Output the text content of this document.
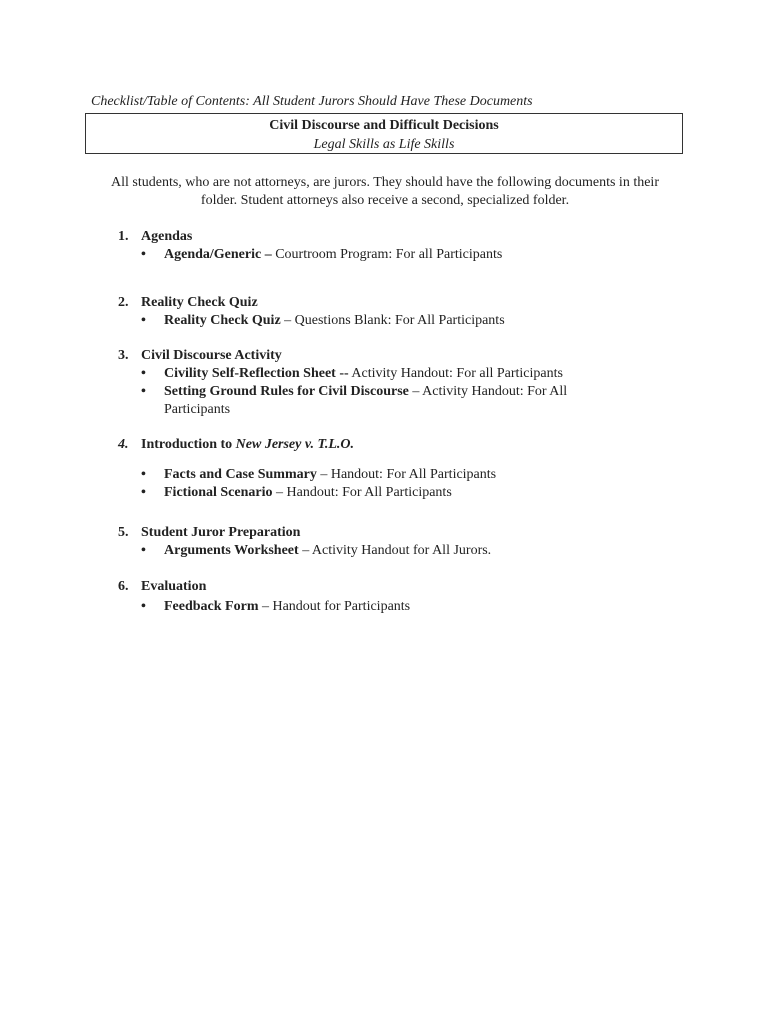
Checklist/Table of Contents: All Student Jurors Should Have These Documents
Civil Discourse and Difficult Decisions
Legal Skills as Life Skills
All students, who are not attorneys, are jurors. They should have the following documents in their folder. Student attorneys also receive a second, specialized folder.
1. Agendas
• Agenda/Generic – Courtroom Program: For all Participants
2. Reality Check Quiz
• Reality Check Quiz – Questions Blank: For All Participants
3. Civil Discourse Activity
• Civility Self-Reflection Sheet -- Activity Handout: For all Participants
• Setting Ground Rules for Civil Discourse – Activity Handout: For All Participants
4. Introduction to New Jersey v. T.L.O.
• Facts and Case Summary – Handout: For All Participants
• Fictional Scenario – Handout: For All Participants
5. Student Juror Preparation
• Arguments Worksheet – Activity Handout for All Jurors.
6. Evaluation
• Feedback Form – Handout for Participants
